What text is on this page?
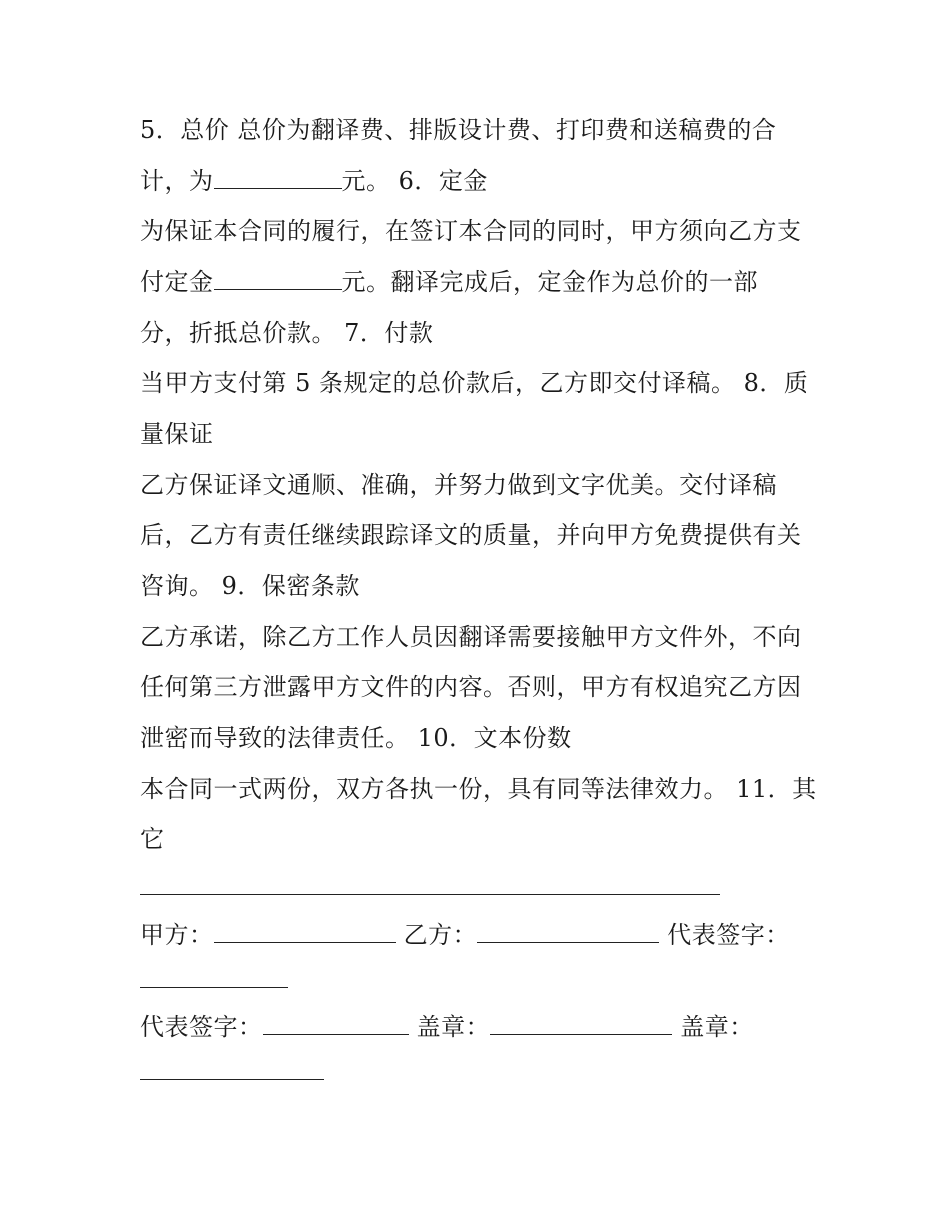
5．总价 总价为翻译费、排版设计费、打印费和送稿费的合
计，为	元。 6．定金
为保证本合同的履行，在签订本合同的同时，甲方须向乙方支
付定金	元。翻译完成后，定金作为总价的一部
分，折抵总价款。 7．付款
当甲方支付第 5 条规定的总价款后，乙方即交付译稿。 8．质
量保证
乙方保证译文通顺、准确，并努力做到文字优美。交付译稿
后，乙方有责任继续跟踪译文的质量，并向甲方免费提供有关
咨询。 9．保密条款
乙方承诺，除乙方工作人员因翻译需要接触甲方文件外，不向
任何第三方泄露甲方文件的内容。否则，甲方有权追究乙方因
泄密而导致的法律责任。 10．文本份数
本合同一式两份，双方各执一份，具有同等法律效力。 11．其
它
甲方：	乙方：	代表签字：
代表签字：	盖章：	盖章：
